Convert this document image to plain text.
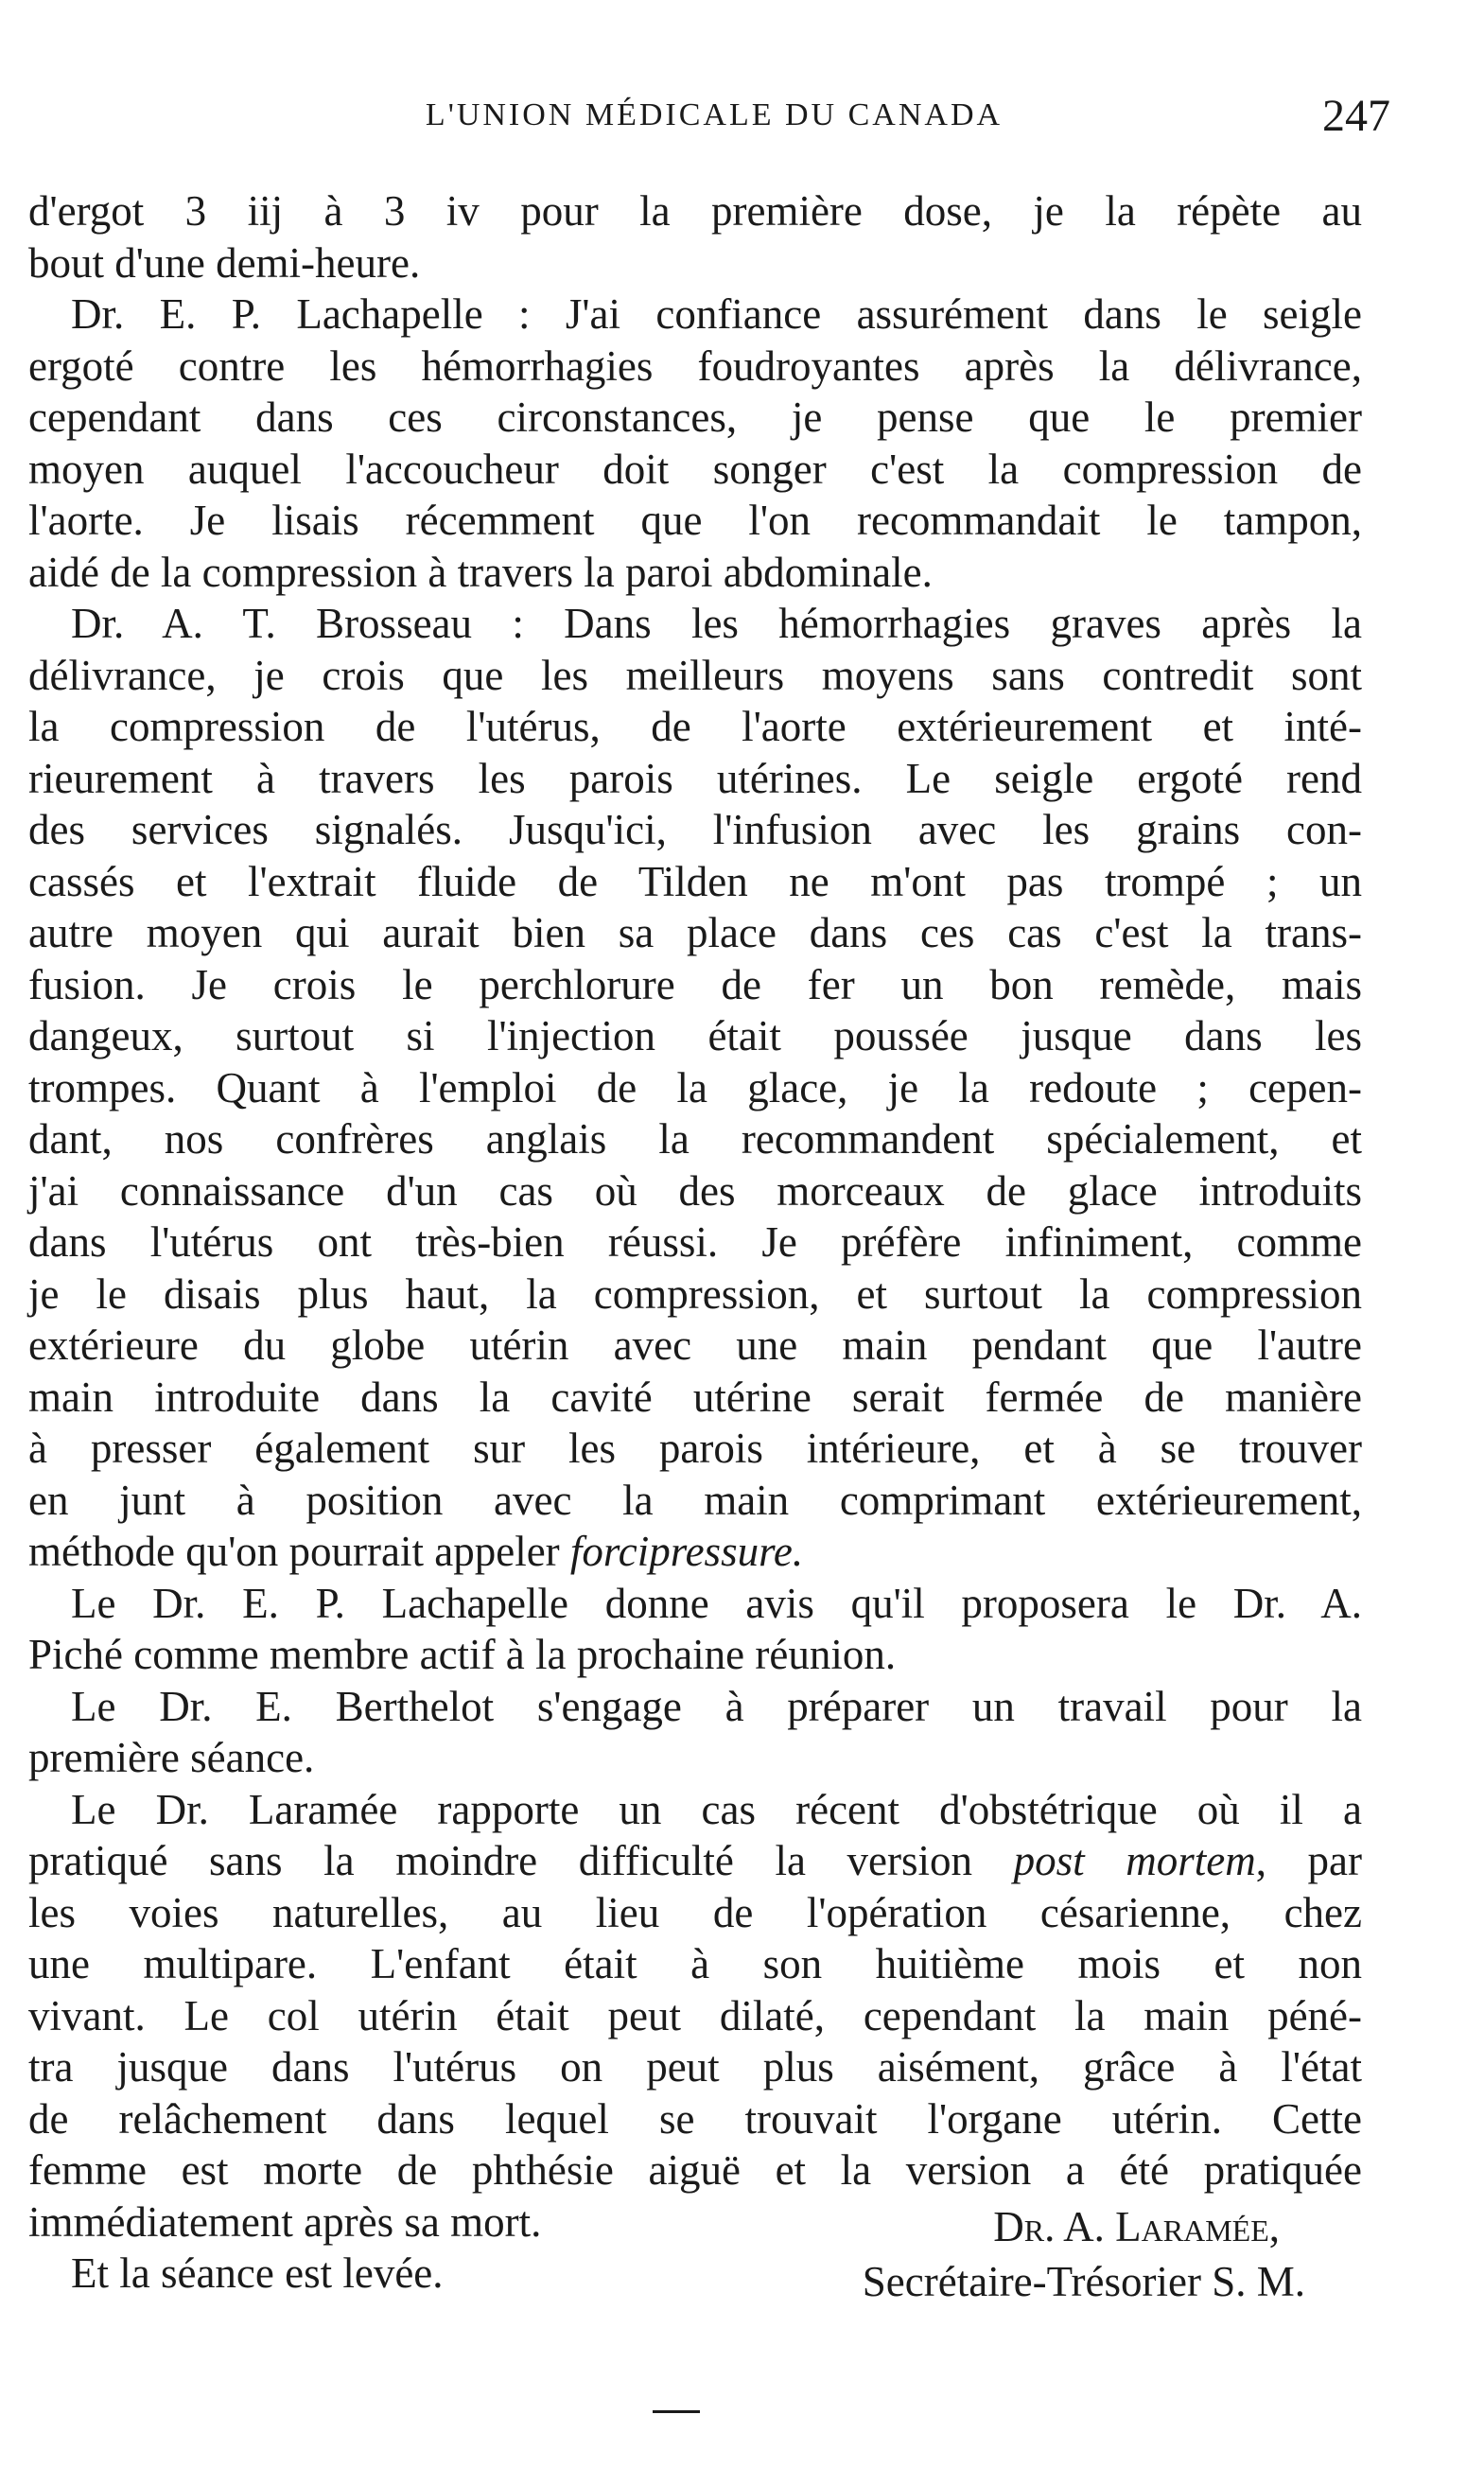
L'UNION MÉDICALE DU CANADA	247
d'ergot 3 iij à 3 iv pour la première dose, je la répète au
bout d'une demi-heure.
Dr. E. P. Lachapelle : J'ai confiance assurément dans le seigle
ergoté contre les hémorrhagies foudroyantes après la délivrance,
cependant dans ces circonstances, je pense que le premier
moyen auquel l'accoucheur doit songer c'est la compression de
l'aorte. Je lisais récemment que l'on recommandait le tampon,
aidé de la compression à travers la paroi abdominale.
Dr. A. T. Brosseau : Dans les hémorrhagies graves après la
délivrance, je crois que les meilleurs moyens sans contredit sont
la compression de l'utérus, de l'aorte extérieurement et inté-
rieurement à travers les parois utérines. Le seigle ergoté rend
des services signalés. Jusqu'ici, l'infusion avec les grains con-
cassés et l'extrait fluide de Tilden ne m'ont pas trompé ; un
autre moyen qui aurait bien sa place dans ces cas c'est la trans-
fusion. Je crois le perchlorure de fer un bon remède, mais
dangeux, surtout si l'injection était poussée jusque dans les
trompes. Quant à l'emploi de la glace, je la redoute ; cepen-
dant, nos confrères anglais la recommandent spécialement, et
j'ai connaissance d'un cas où des morceaux de glace introduits
dans l'utérus ont très-bien réussi. Je préfère infiniment, comme
je le disais plus haut, la compression, et surtout la compression
extérieure du globe utérin avec une main pendant que l'autre
main introduite dans la cavité utérine serait fermée de manière
à presser également sur les parois intérieure, et à se trouver
en junt à position avec la main comprimant extérieurement,
méthode qu'on pourrait appeler forcipressure.
Le Dr. E. P. Lachapelle donne avis qu'il proposera le Dr. A.
Piché comme membre actif à la prochaine réunion.
Le Dr. E. Berthelot s'engage à préparer un travail pour la
première séance.
Le Dr. Laramée rapporte un cas récent d'obstétrique où il a
pratiqué sans la moindre difficulté la version post mortem, par
les voies naturelles, au lieu de l'opération césarienne, chez
une multipare. L'enfant était à son huitième mois et non
vivant. Le col utérin était peut dilaté, cependant la main péné-
tra jusque dans l'utérus on peut plus aisément, grâce à l'état
de relâchement dans lequel se trouvait l'organe utérin. Cette
femme est morte de phthésie aiguë et la version a été pratiquée
immédiatement après sa mort.
Et la séance est levée.
Dr. A. Laramée,
Secrétaire-Trésorier S. M.
